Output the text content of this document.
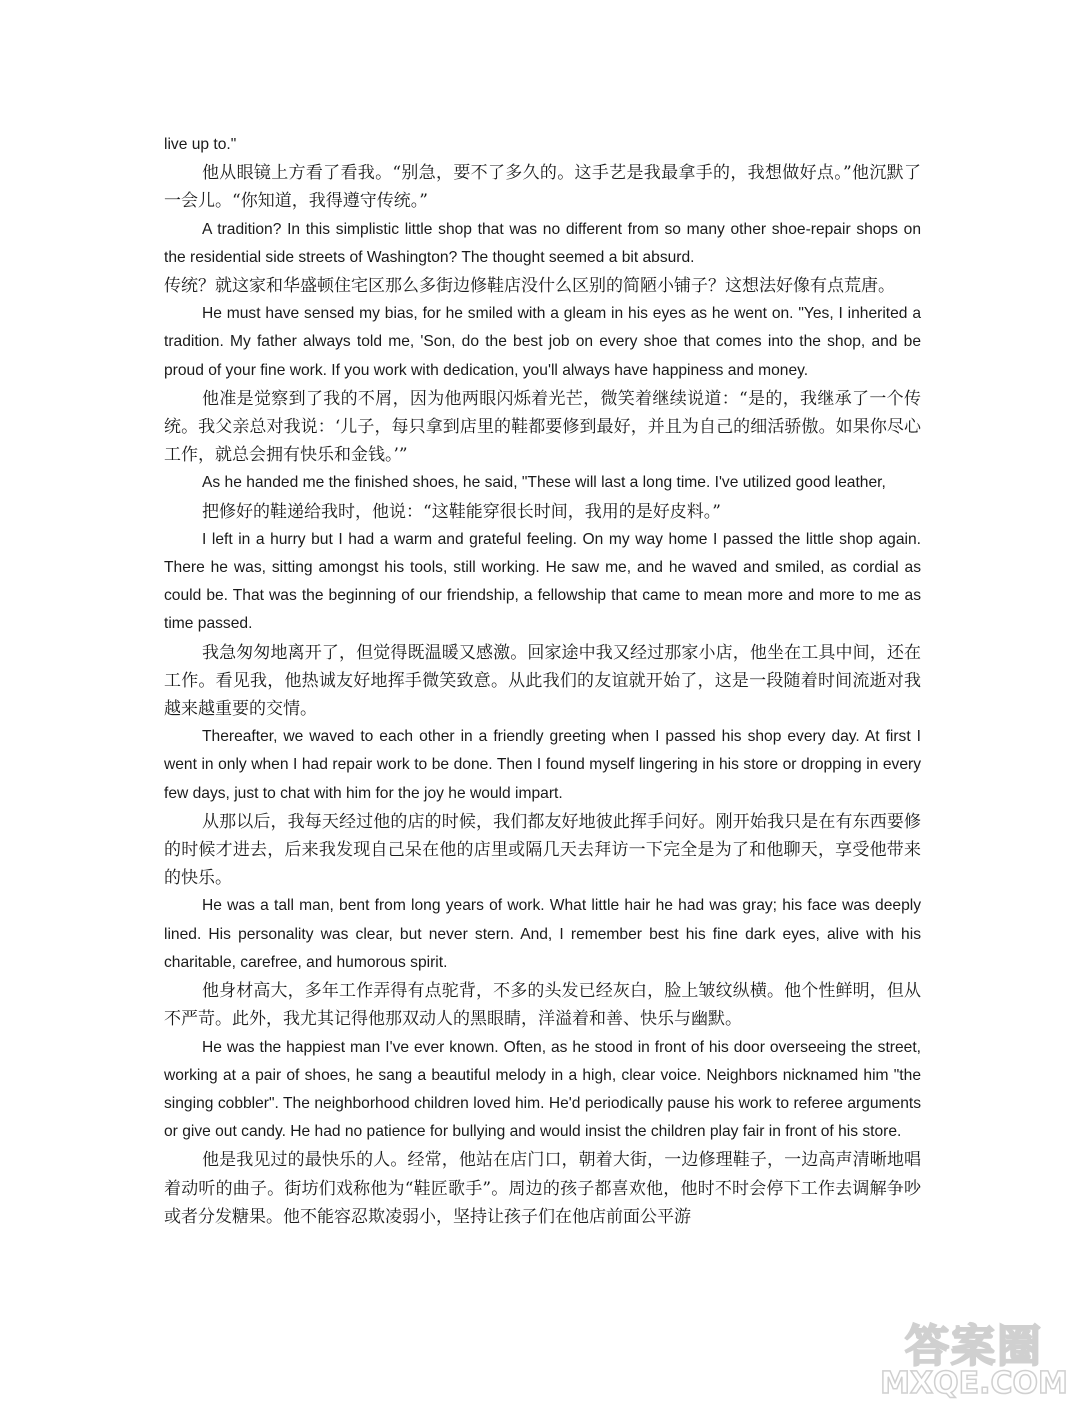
live up to."

他从眼镜上方看了看我。“别急，要不了多久的。这手艺是我最拿手的，我想做好点。”他沉默了一会儿。“你知道，我得遵守传统。”

A tradition? In this simplistic little shop that was no different from so many other shoe-repair shops on the residential side streets of Washington? The thought seemed a bit absurd.

传统？就这家和华盛顿住宅区那么多街边修鞋店没什么区别的简陋小铺子？这想法好像有点荒唐。

He must have sensed my bias, for he smiled with a gleam in his eyes as he went on. "Yes, I inherited a tradition. My father always told me, 'Son, do the best job on every shoe that comes into the shop, and be proud of your fine work. If you work with dedication, you'll always have happiness and money.

他准是觉察到了我的不屑，因为他两眼闪烁着光芒，微笑着继续说道：“是的，我继承了一个传统。我父亲总对我说：‘儿子，每只拿到店里的鞋都要修到最好，并且为自己的细活骄傲。如果你尽心工作，就总会拥有快乐和金钱。’”

As he handed me the finished shoes, he said, "These will last a long time. I've utilized good leather,

把修好的鞋递给我时，他说：“这鞋能穿很长时间，我用的是好皮料。”

I left in a hurry but I had a warm and grateful feeling. On my way home I passed the little shop again. There he was, sitting amongst his tools, still working. He saw me, and he waved and smiled, as cordial as could be. That was the beginning of our friendship, a fellowship that came to mean more and more to me as time passed.

我急匆匆地离开了，但觉得既温暖又感激。回家途中我又经过那家小店，他坐在工具中间，还在工作。看见我，他热诚友好地挥手微笑致意。从此我们的友谊就开始了，这是一段随着时间流逝对我越来越重要的交情。

Thereafter, we waved to each other in a friendly greeting when I passed his shop every day. At first I went in only when I had repair work to be done. Then I found myself lingering in his store or dropping in every few days, just to chat with him for the joy he would impart.

从那以后，我每天经过他的店的时候，我们都友好地彼此挥手问好。刚开始我只是在有东西要修的时候才进去，后来我发现自己呆在他的店里或隔几天去拜访一下完全是为了和他聊天，享受他带来的快乐。

He was a tall man, bent from long years of work. What little hair he had was gray; his face was deeply lined. His personality was clear, but never stern. And, I remember best his fine dark eyes, alive with his charitable, carefree, and humorous spirit.

他身材高大，多年工作弄得有点驼背，不多的头发已经灰白，脸上皱纹纵横。他个性鲜明，但从不严苛。此外，我尤其记得他那双动人的黑眼睛，洋溢着和善、快乐与幽默。

He was the happiest man I've ever known. Often, as he stood in front of his door overseeing the street, working at a pair of shoes, he sang a beautiful melody in a high, clear voice. Neighbors nicknamed him "the singing cobbler". The neighborhood children loved him. He'd periodically pause his work to referee arguments or give out candy. He had no patience for bullying and would insist the children play fair in front of his store.

他是我见过的最快乐的人。经常，他站在店门口，朝着大街，一边修理鞋子，一边高声清晰地唱着动听的曲子。街坊们戏称他为“鞋匠歌手”。周边的孩子都喜欢他，他时不时会停下工作去调解争吵或者分发糖果。他不能容忍欺凌弱小，坚持让孩子们在他店前面公平游

答案圈
MXQE.COM
